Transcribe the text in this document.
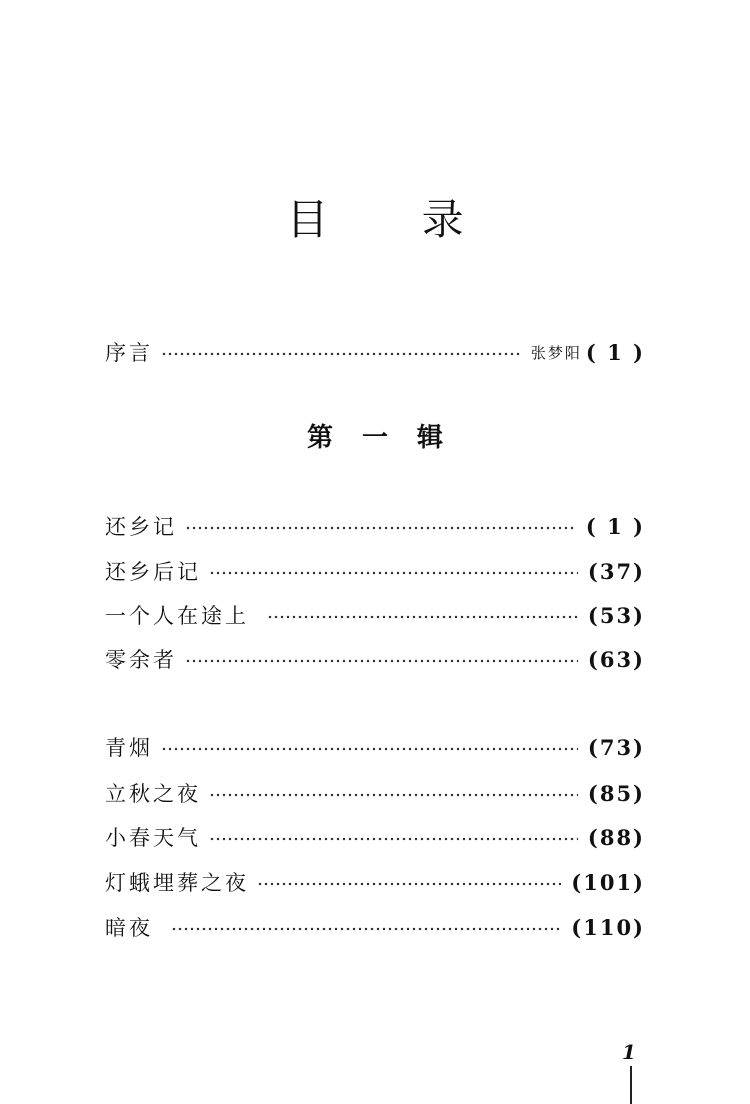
目 录
序言	张梦阳 ( 1 )
第 一 辑
还乡记	( 1 )
还乡后记	(37)
一个人在途上	(53)
零余者	(63)
青烟	(73)
立秋之夜	(85)
小春天气	(88)
灯蛾埋葬之夜	(101)
暗夜	(110)
1
